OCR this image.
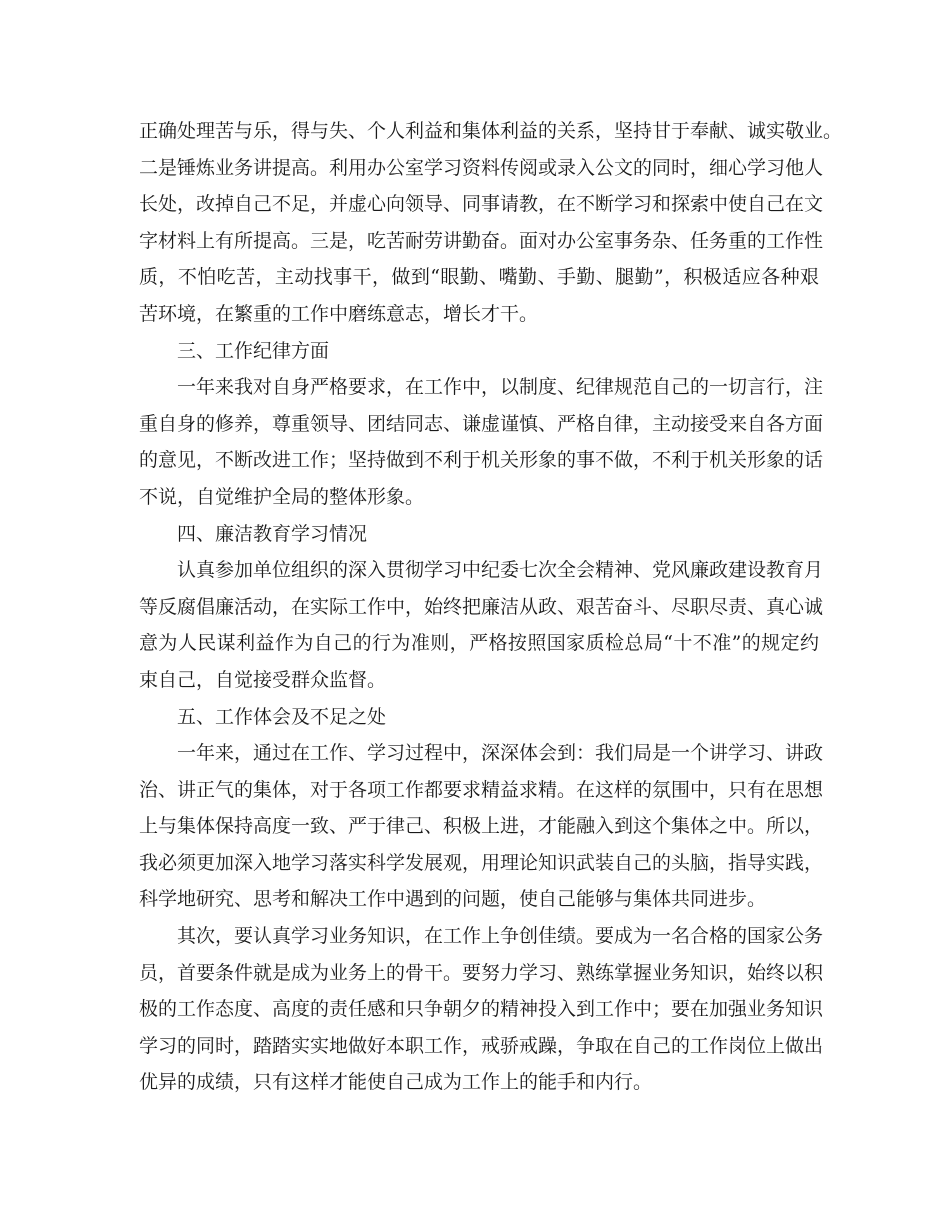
正确处理苦与乐，得与失、个人利益和集体利益的关系，坚持甘于奉献、诚实敬业。
二是锤炼业务讲提高。利用办公室学习资料传阅或录入公文的同时，细心学习他人
长处，改掉自己不足，并虚心向领导、同事请教，在不断学习和探索中使自己在文
字材料上有所提高。三是，吃苦耐劳讲勤奋。面对办公室事务杂、任务重的工作性
质，不怕吃苦，主动找事干，做到“眼勤、嘴勤、手勤、腿勤”，积极适应各种艰
苦环境，在繁重的工作中磨练意志，增长才干。
三、工作纪律方面
一年来我对自身严格要求，在工作中，以制度、纪律规范自己的一切言行，注
重自身的修养，尊重领导、团结同志、谦虚谨慎、严格自律，主动接受来自各方面
的意见，不断改进工作；坚持做到不利于机关形象的事不做，不利于机关形象的话
不说，自觉维护全局的整体形象。
四、廉洁教育学习情况
认真参加单位组织的深入贯彻学习中纪委七次全会精神、党风廉政建设教育月
等反腐倡廉活动，在实际工作中，始终把廉洁从政、艰苦奋斗、尽职尽责、真心诚
意为人民谋利益作为自己的行为准则，严格按照国家质检总局“十不准”的规定约
束自己，自觉接受群众监督。
五、工作体会及不足之处
一年来，通过在工作、学习过程中，深深体会到：我们局是一个讲学习、讲政
治、讲正气的集体，对于各项工作都要求精益求精。在这样的氛围中，只有在思想
上与集体保持高度一致、严于律己、积极上进，才能融入到这个集体之中。所以，
我必须更加深入地学习落实科学发展观，用理论知识武装自己的头脑，指导实践，
科学地研究、思考和解决工作中遇到的问题，使自己能够与集体共同进步。
其次，要认真学习业务知识，在工作上争创佳绩。要成为一名合格的国家公务
员，首要条件就是成为业务上的骨干。要努力学习、熟练掌握业务知识，始终以积
极的工作态度、高度的责任感和只争朝夕的精神投入到工作中；要在加强业务知识
学习的同时，踏踏实实地做好本职工作，戒骄戒躁，争取在自己的工作岗位上做出
优异的成绩，只有这样才能使自己成为工作上的能手和内行。
